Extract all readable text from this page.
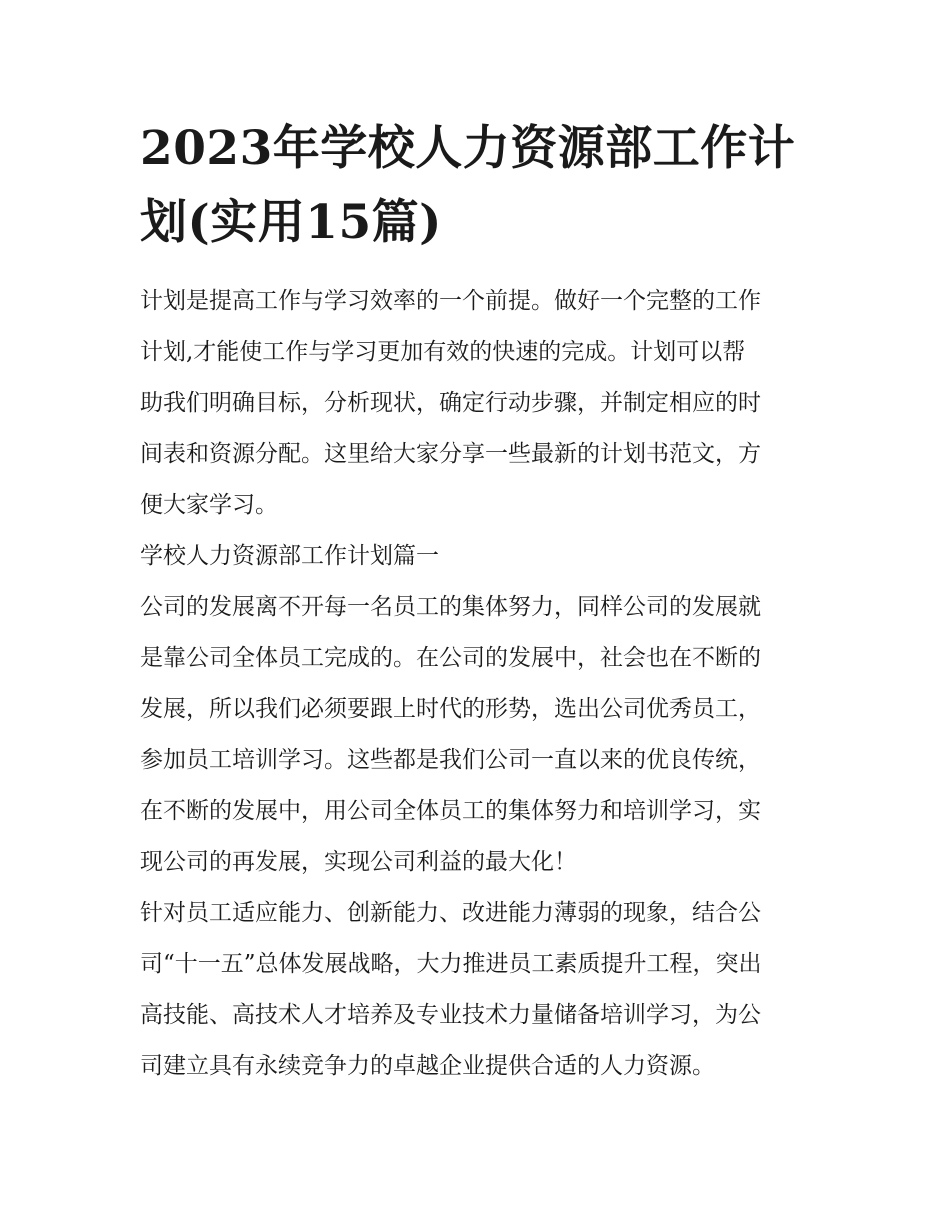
2023年学校人力资源部工作计
划(实用15篇)
计划是提高工作与学习效率的一个前提。做好一个完整的工作
计划,才能使工作与学习更加有效的快速的完成。计划可以帮
助我们明确目标，分析现状，确定行动步骤，并制定相应的时
间表和资源分配。这里给大家分享一些最新的计划书范文，方
便大家学习。
学校人力资源部工作计划篇一
公司的发展离不开每一名员工的集体努力，同样公司的发展就
是靠公司全体员工完成的。在公司的发展中，社会也在不断的
发展，所以我们必须要跟上时代的形势，选出公司优秀员工，
参加员工培训学习。这些都是我们公司一直以来的优良传统，
在不断的发展中，用公司全体员工的集体努力和培训学习，实
现公司的再发展，实现公司利益的最大化！
针对员工适应能力、创新能力、改进能力薄弱的现象，结合公
司“十一五”总体发展战略，大力推进员工素质提升工程，突出
高技能、高技术人才培养及专业技术力量储备培训学习，为公
司建立具有永续竞争力的卓越企业提供合适的人力资源。
